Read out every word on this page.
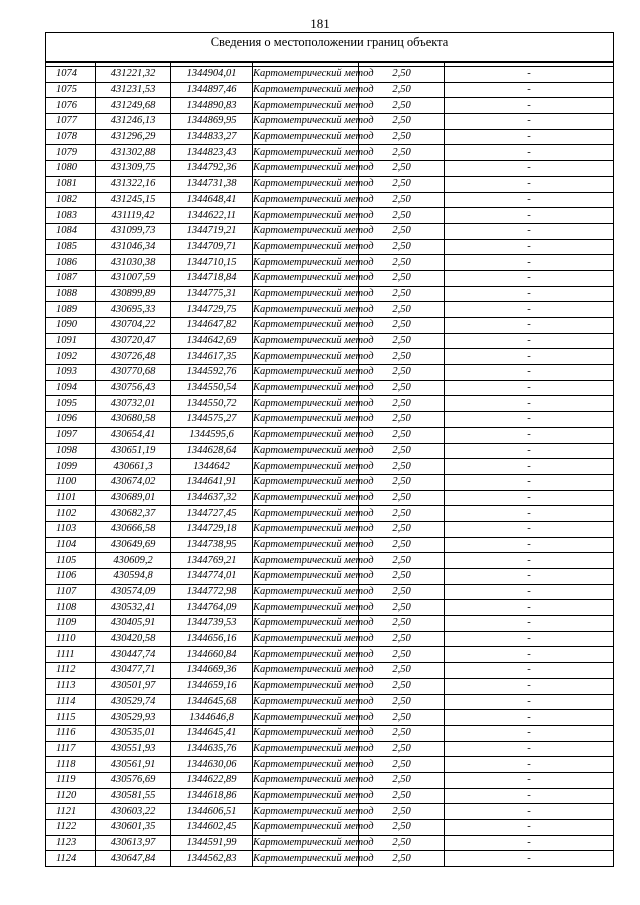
181
Сведения о местоположении границ объекта					

1074	431221,32	1344904,01	Картометрический метод	2,50	-
1075	431231,53	1344897,46	Картометрический метод	2,50	-
1076	431249,68	1344890,83	Картометрический метод	2,50	-
1077	431246,13	1344869,95	Картометрический метод	2,50	-
1078	431296,29	1344833,27	Картометрический метод	2,50	-
1079	431302,88	1344823,43	Картометрический метод	2,50	-
1080	431309,75	1344792,36	Картометрический метод	2,50	-
1081	431322,16	1344731,38	Картометрический метод	2,50	-
1082	431245,15	1344648,41	Картометрический метод	2,50	-
1083	431119,42	1344622,11	Картометрический метод	2,50	-
1084	431099,73	1344719,21	Картометрический метод	2,50	-
1085	431046,34	1344709,71	Картометрический метод	2,50	-
1086	431030,38	1344710,15	Картометрический метод	2,50	-
1087	431007,59	1344718,84	Картометрический метод	2,50	-
1088	430899,89	1344775,31	Картометрический метод	2,50	-
1089	430695,33	1344729,75	Картометрический метод	2,50	-
1090	430704,22	1344647,82	Картометрический метод	2,50	-
1091	430720,47	1344642,69	Картометрический метод	2,50	-
1092	430726,48	1344617,35	Картометрический метод	2,50	-
1093	430770,68	1344592,76	Картометрический метод	2,50	-
1094	430756,43	1344550,54	Картометрический метод	2,50	-
1095	430732,01	1344550,72	Картометрический метод	2,50	-
1096	430680,58	1344575,27	Картометрический метод	2,50	-
1097	430654,41	1344595,6	Картометрический метод	2,50	-
1098	430651,19	1344628,64	Картометрический метод	2,50	-
1099	430661,3	1344642	Картометрический метод	2,50	-
1100	430674,02	1344641,91	Картометрический метод	2,50	-
1101	430689,01	1344637,32	Картометрический метод	2,50	-
1102	430682,37	1344727,45	Картометрический метод	2,50	-
1103	430666,58	1344729,18	Картометрический метод	2,50	-
1104	430649,69	1344738,95	Картометрический метод	2,50	-
1105	430609,2	1344769,21	Картометрический метод	2,50	-
1106	430594,8	1344774,01	Картометрический метод	2,50	-
1107	430574,09	1344772,98	Картометрический метод	2,50	-
1108	430532,41	1344764,09	Картометрический метод	2,50	-
1109	430405,91	1344739,53	Картометрический метод	2,50	-
1110	430420,58	1344656,16	Картометрический метод	2,50	-
1111	430447,74	1344660,84	Картометрический метод	2,50	-
1112	430477,71	1344669,36	Картометрический метод	2,50	-
1113	430501,97	1344659,16	Картометрический метод	2,50	-
1114	430529,74	1344645,68	Картометрический метод	2,50	-
1115	430529,93	1344646,8	Картометрический метод	2,50	-
1116	430535,01	1344645,41	Картометрический метод	2,50	-
1117	430551,93	1344635,76	Картометрический метод	2,50	-
1118	430561,91	1344630,06	Картометрический метод	2,50	-
1119	430576,69	1344622,89	Картометрический метод	2,50	-
1120	430581,55	1344618,86	Картометрический метод	2,50	-
1121	430603,22	1344606,51	Картометрический метод	2,50	-
1122	430601,35	1344602,45	Картометрический метод	2,50	-
1123	430613,97	1344591,99	Картометрический метод	2,50	-
1124	430647,84	1344562,83	Картометрический метод	2,50	-
